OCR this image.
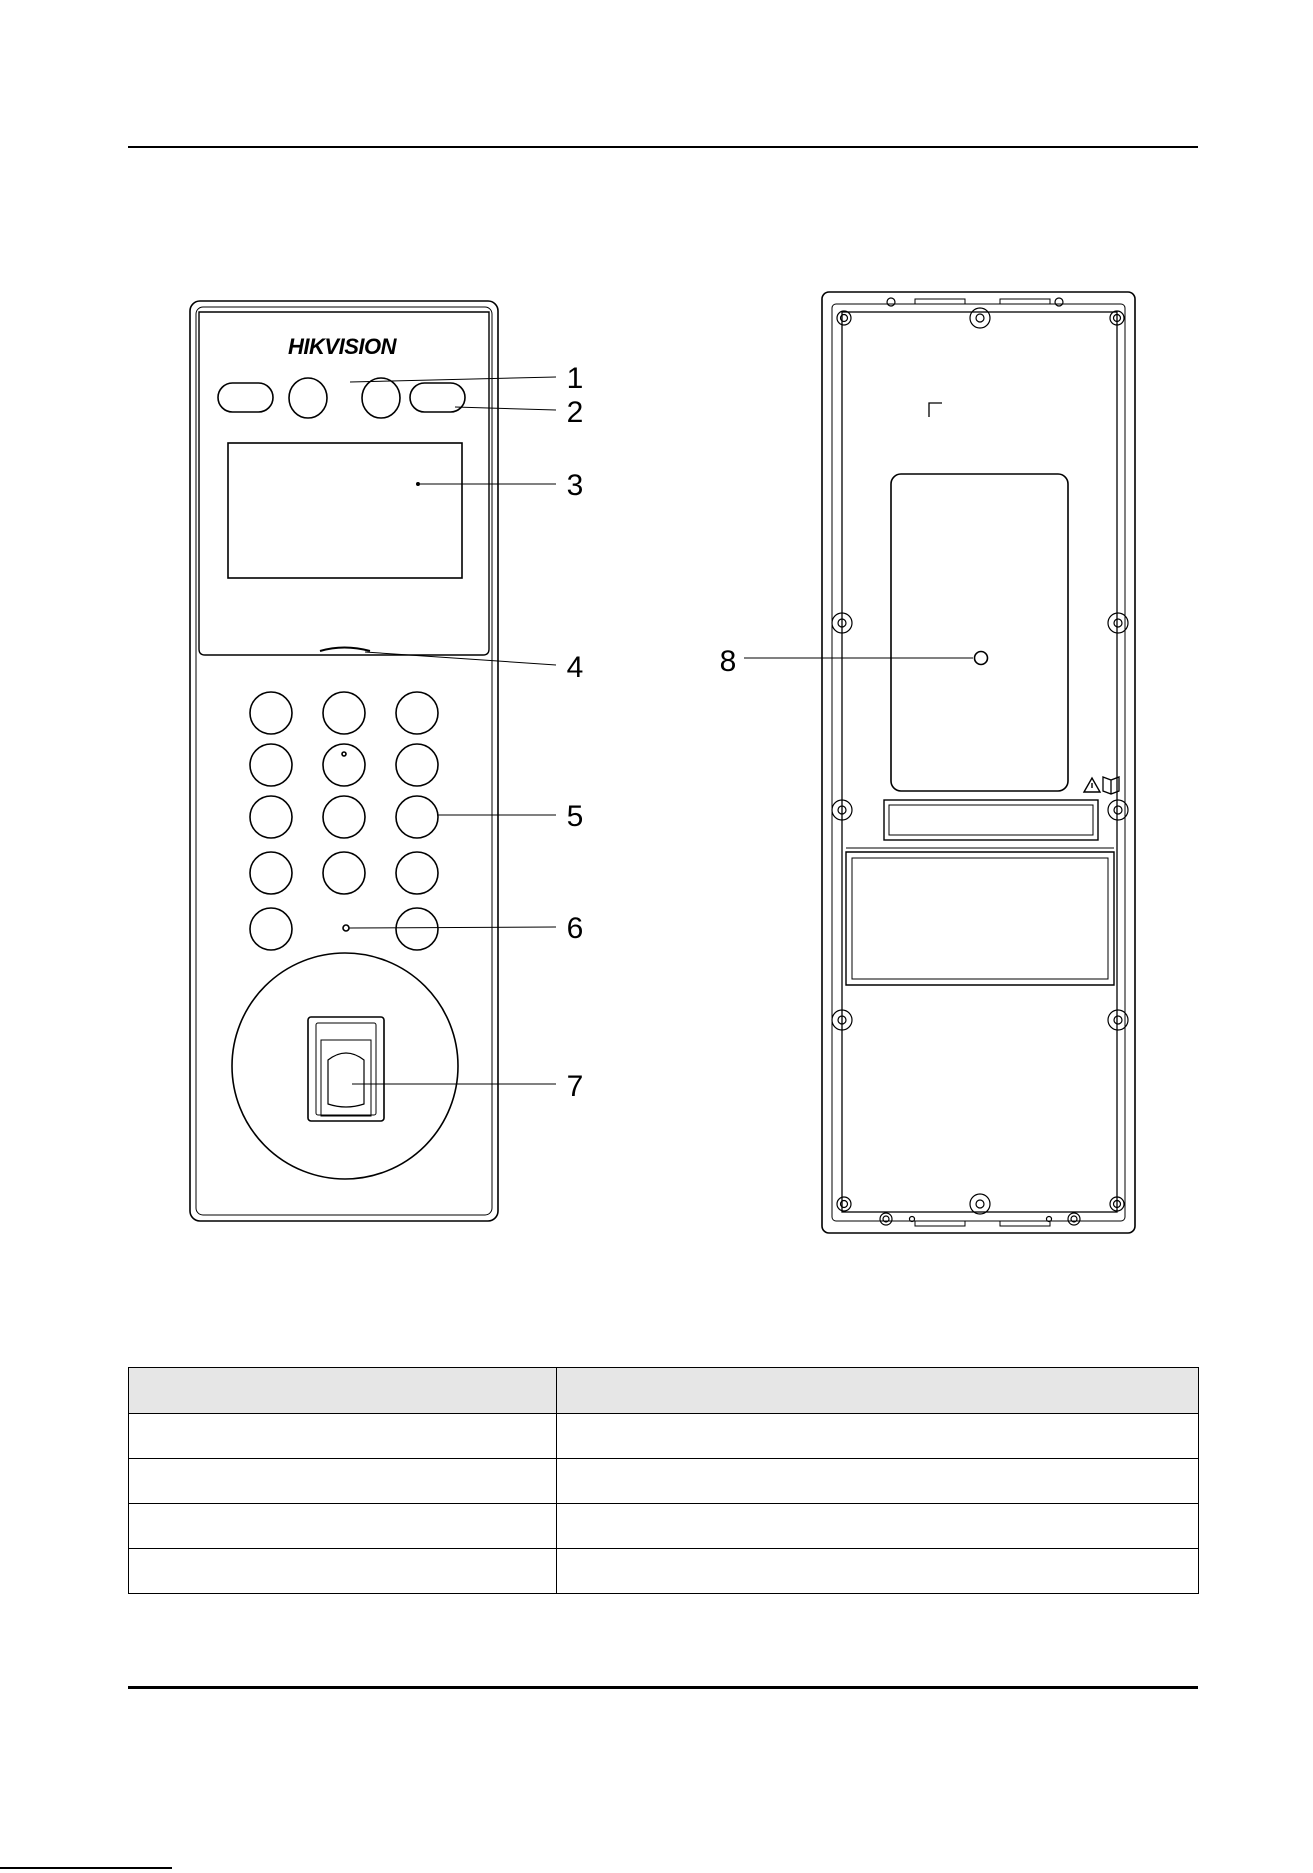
HIKVISION
1
2
3
4
5
6
7
8
